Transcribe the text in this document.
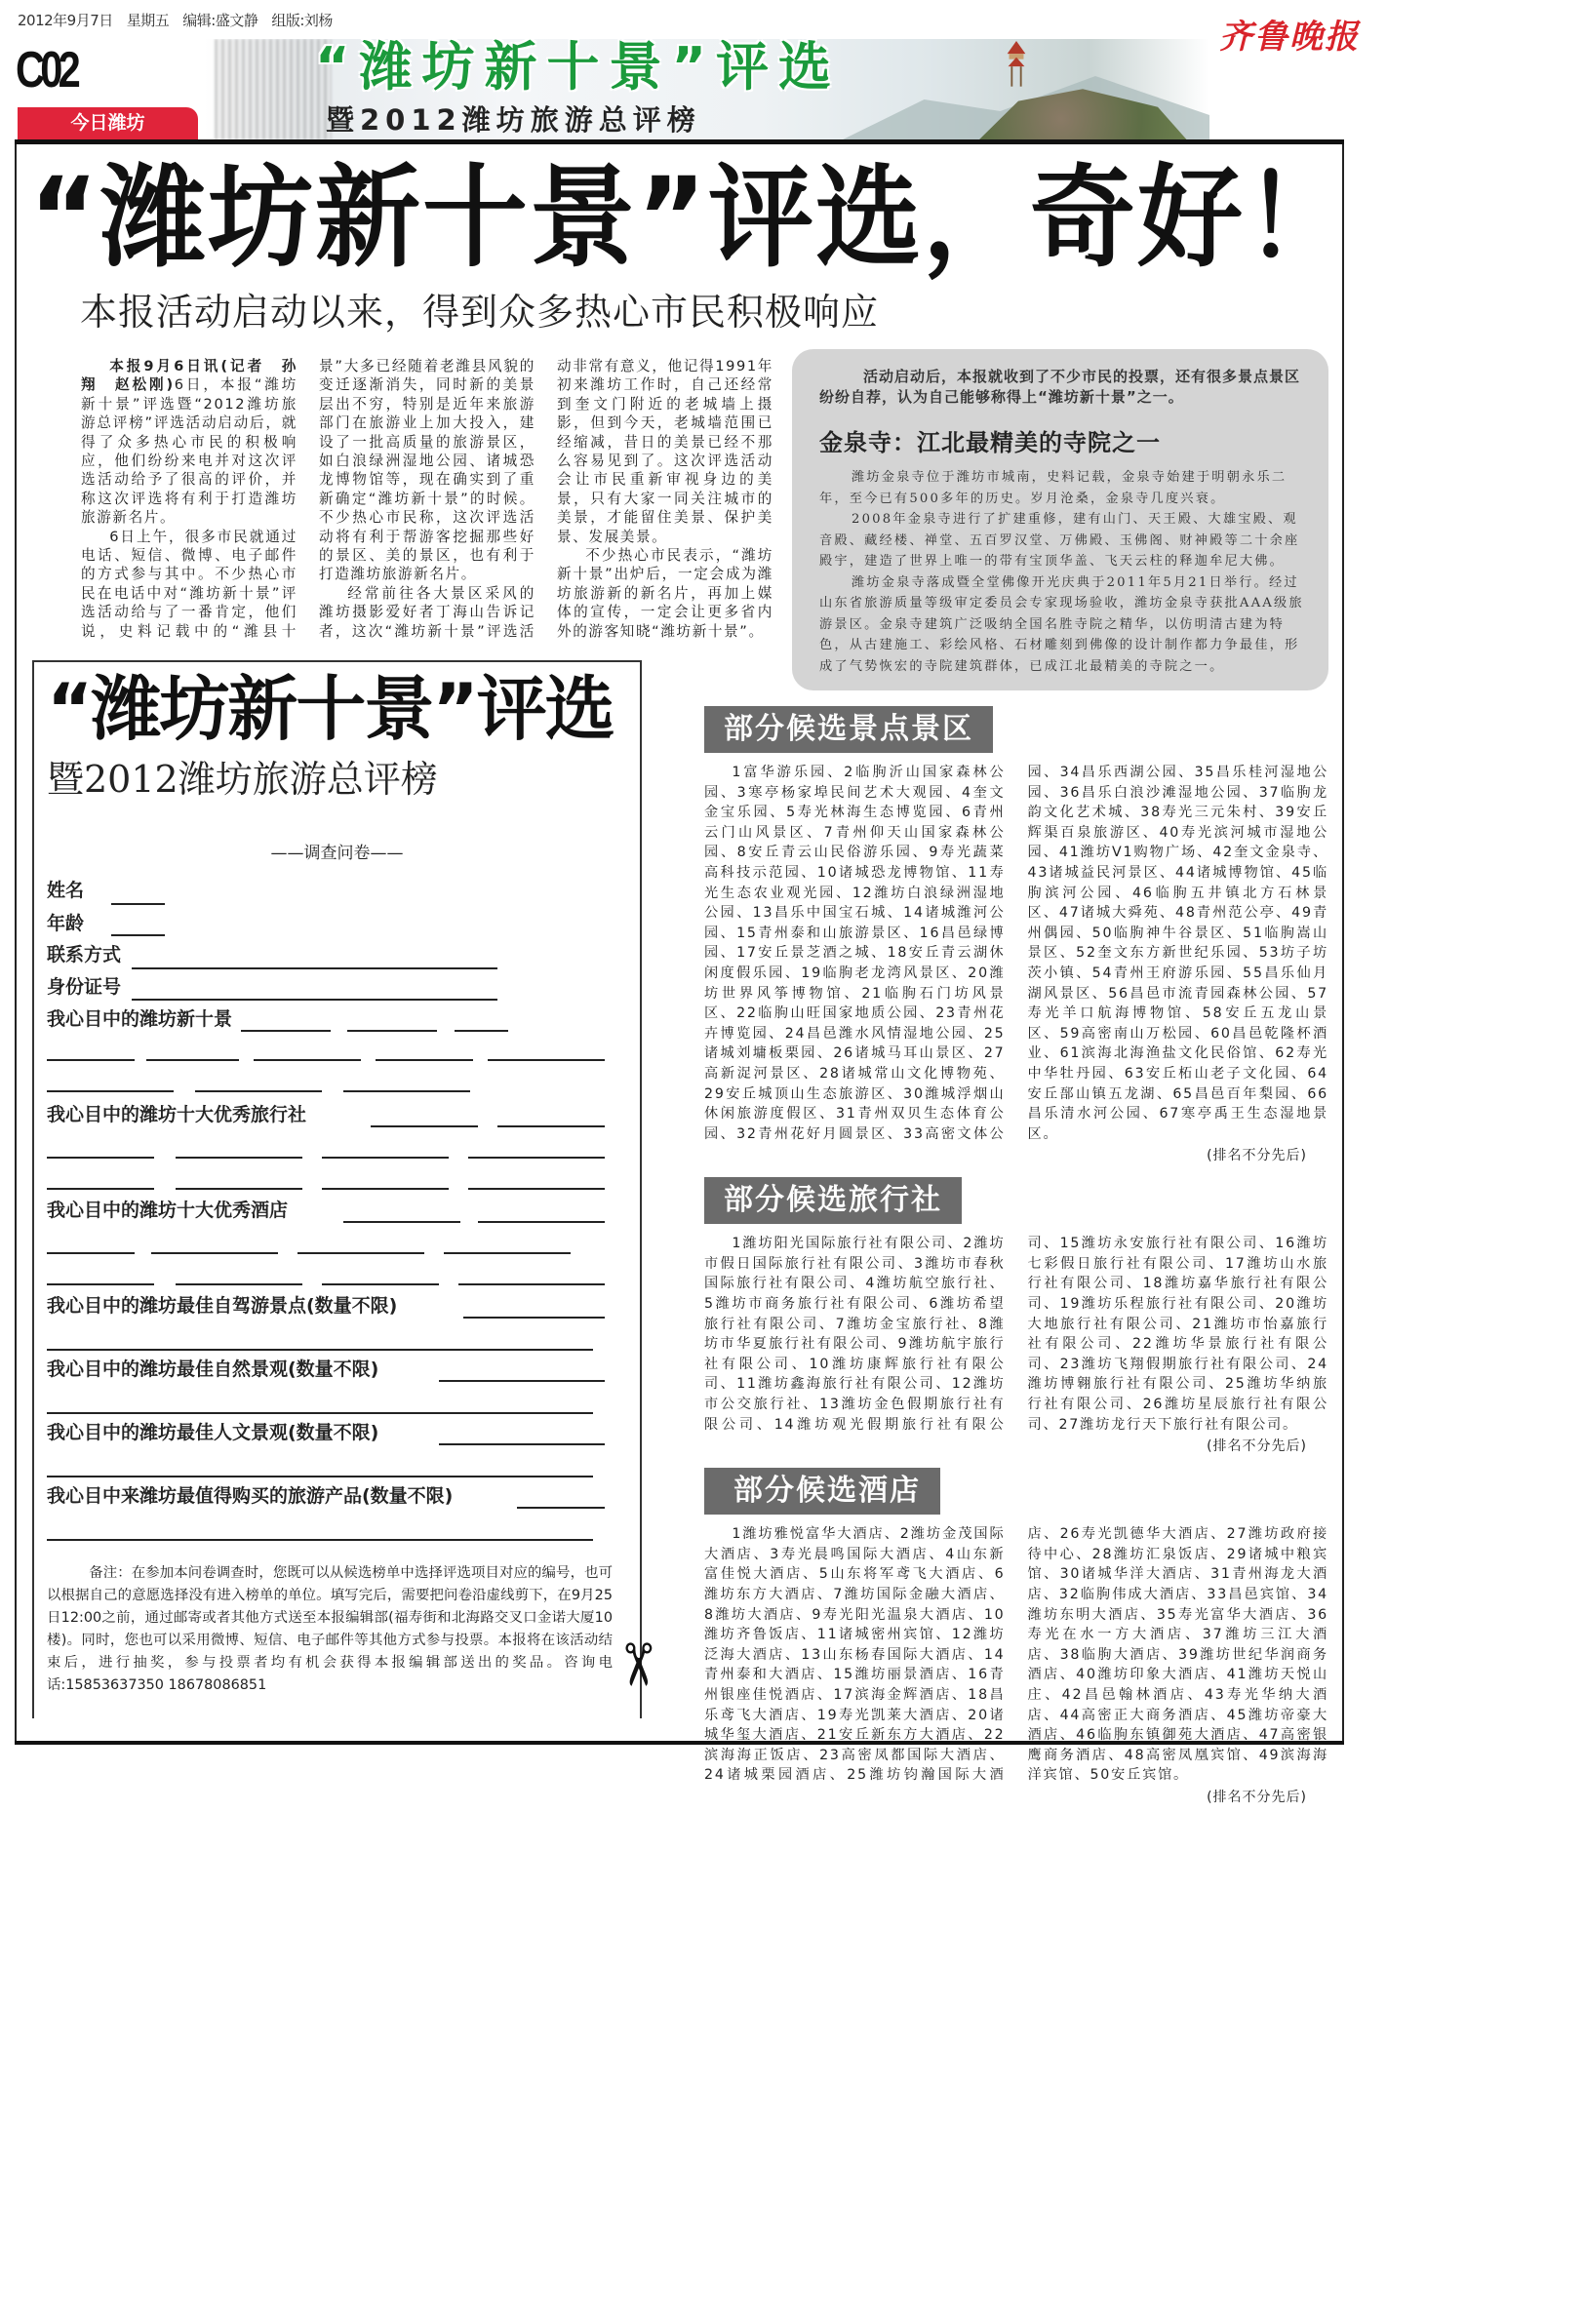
2012年9月7日 星期五 编辑:盛文静 组版:刘杨
C02
今日潍坊
“潍坊新十景”评选
暨2012潍坊旅游总评榜
齐鲁晚报
“潍坊新十景”评选，奇好！
本报活动启动以来，得到众多热心市民积极响应

本报9月6日讯(记者　孙翔　赵松刚)6日，本报“潍坊新十景”评选暨“2012潍坊旅游总评榜”评选活动启动后，就得了众多热心市民的积极响应，他们纷纷来电并对这次评选活动给予了很高的评价，并称这次评选将有利于打造潍坊旅游新名片。

6日上午，很多市民就通过电话、短信、微博、电子邮件的方式参与其中。不少热心市民在电话中对“潍坊新十景”评选活动给与了一番肯定，他们说，史料记载中的“潍县十景”大多已经随着老潍县风貌的变迁逐渐消失，同时新的美景层出不穷，特别是近年来旅游部门在旅游业上加大投入，建设了一批高质量的旅游景区，如白浪绿洲湿地公园、诸城恐龙博物馆等，现在确实到了重新确定“潍坊新十景”的时候。不少热心市民称，这次评选活动将有利于帮游客挖掘那些好的景区、美的景区，也有利于打造潍坊旅游新名片。

经常前往各大景区采风的潍坊摄影爱好者丁海山告诉记者，这次“潍坊新十景”评选活动非常有意义，他记得1991年初来潍坊工作时，自己还经常到奎文门附近的老城墙上摄影，但到今天，老城墙范围已经缩减，昔日的美景已经不那么容易见到了。这次评选活动会让市民重新审视身边的美景，只有大家一同关注城市的美景，才能留住美景、保护美景、发展美景。

不少热心市民表示，“潍坊新十景”出炉后，一定会成为潍坊旅游新的新名片，再加上媒体的宣传，一定会让更多省内外的游客知晓“潍坊新十景”。

活动启动后，本报就收到了不少市民的投票，还有很多景点景区纷纷自荐，认为自己能够称得上“潍坊新十景”之一。
金泉寺：江北最精美的寺院之一

潍坊金泉寺位于潍坊市城南，史料记载，金泉寺始建于明朝永乐二年，至今已有500多年的历史。岁月沧桑，金泉寺几度兴衰。

2008年金泉寺进行了扩建重修，建有山门、天王殿、大雄宝殿、观音殿、藏经楼、禅堂、五百罗汉堂、万佛殿、玉佛阁、财神殿等二十余座殿宇，建造了世界上唯一的带有宝顶华盖、飞天云柱的释迦牟尼大佛。

潍坊金泉寺落成暨全堂佛像开光庆典于2011年5月21日举行。经过山东省旅游质量等级审定委员会专家现场验收，潍坊金泉寺获批AAA级旅游景区。金泉寺建筑广泛吸纳全国名胜寺院之精华，以仿明清古建为特色，从古建施工、彩绘风格、石材雕刻到佛像的设计制作都力争最佳，形成了气势恢宏的寺院建筑群体，已成江北最精美的寺院之一。

“潍坊新十景”评选
暨2012潍坊旅游总评榜
——调查问卷——
姓名
年龄
联系方式
身份证号
我心目中的潍坊新十景
我心目中的潍坊十大优秀旅行社
我心目中的潍坊十大优秀酒店
我心目中的潍坊最佳自驾游景点(数量不限)
我心目中的潍坊最佳自然景观(数量不限)
我心目中的潍坊最佳人文景观(数量不限)
我心目中来潍坊最值得购买的旅游产品(数量不限)
备注：在参加本问卷调查时，您既可以从候选榜单中选择评选项目对应的编号，也可以根据自己的意愿选择没有进入榜单的单位。填写完后，需要把问卷沿虚线剪下，在9月25日12:00之前，通过邮寄或者其他方式送至本报编辑部(福寿街和北海路交叉口金诺大厦10楼)。同时，您也可以采用微博、短信、电子邮件等其他方式参与投票。本报将在该活动结束后，进行抽奖，参与投票者均有机会获得本报编辑部送出的奖品。咨询电话:15853637350 18678086851	✂
部分候选景点景区

1富华游乐园、2临朐沂山国家森林公园、3寒亭杨家埠民间艺术大观园、4奎文金宝乐园、5寿光林海生态博览园、6青州云门山风景区、7青州仰天山国家森林公园、8安丘青云山民俗游乐园、9寿光蔬菜高科技示范园、10诸城恐龙博物馆、11寿光生态农业观光园、12潍坊白浪绿洲湿地公园、13昌乐中国宝石城、14诸城潍河公园、15青州泰和山旅游景区、16昌邑绿博园、17安丘景芝酒之城、18安丘青云湖休闲度假乐园、19临朐老龙湾风景区、20潍坊世界风筝博物馆、21临朐石门坊风景区、22临朐山旺国家地质公园、23青州花卉博览园、24昌邑潍水风情湿地公园、25诸城刘墉板栗园、26诸城马耳山景区、27高新浞河景区、28诸城常山文化博物苑、29安丘城顶山生态旅游区、30潍城浮烟山休闲旅游度假区、31青州双贝生态体育公园、32青州花好月圆景区、33高密文体公园、34昌乐西湖公园、35昌乐桂河湿地公园、36昌乐白浪沙滩湿地公园、37临朐龙韵文化艺术城、38寿光三元朱村、39安丘辉渠百泉旅游区、40寿光滨河城市湿地公园、41潍坊V1购物广场、42奎文金泉寺、43诸城益民河景区、44诸城博物馆、45临朐滨河公园、46临朐五井镇北方石林景区、47诸城大舜苑、48青州范公亭、49青州偶园、50临朐神牛谷景区、51临朐嵩山景区、52奎文东方新世纪乐园、53坊子坊茨小镇、54青州王府游乐园、55昌乐仙月湖风景区、56昌邑市流青园森林公园、57寿光羊口航海博物馆、58安丘五龙山景区、59高密南山万松园、60昌邑乾隆杯酒业、61滨海北海渔盐文化民俗馆、62寿光中华牡丹园、63安丘柘山老子文化园、64安丘郚山镇五龙湖、65昌邑百年梨园、66昌乐清水河公园、67寒亭禹王生态湿地景区。

(排名不分先后)
部分候选旅行社

1潍坊阳光国际旅行社有限公司、2潍坊市假日国际旅行社有限公司、3潍坊市春秋国际旅行社有限公司、4潍坊航空旅行社、5潍坊市商务旅行社有限公司、6潍坊希望旅行社有限公司、7潍坊金宝旅行社、8潍坊市华夏旅行社有限公司、9潍坊航宇旅行社有限公司、10潍坊康辉旅行社有限公司、11潍坊鑫海旅行社有限公司、12潍坊市公交旅行社、13潍坊金色假期旅行社有限公司、14潍坊观光假期旅行社有限公司、15潍坊永安旅行社有限公司、16潍坊七彩假日旅行社有限公司、17潍坊山水旅行社有限公司、18潍坊嘉华旅行社有限公司、19潍坊乐程旅行社有限公司、20潍坊大地旅行社有限公司、21潍坊市怡嘉旅行社有限公司、22潍坊华景旅行社有限公司、23潍坊飞翔假期旅行社有限公司、24潍坊博翱旅行社有限公司、25潍坊华纳旅行社有限公司、26潍坊星辰旅行社有限公司、27潍坊龙行天下旅行社有限公司。

(排名不分先后)
部分候选酒店

1潍坊雅悦富华大酒店、2潍坊金茂国际大酒店、3寿光晨鸣国际大酒店、4山东新富佳悦大酒店、5山东将军鸢飞大酒店、6潍坊东方大酒店、7潍坊国际金融大酒店、8潍坊大酒店、9寿光阳光温泉大酒店、10潍坊齐鲁饭店、11诸城密州宾馆、12潍坊泛海大酒店、13山东杨春国际大酒店、14青州泰和大酒店、15潍坊丽景酒店、16青州银座佳悦酒店、17滨海金辉酒店、18昌乐鸢飞大酒店、19寿光凯莱大酒店、20诸城华玺大酒店、21安丘新东方大酒店、22滨海海正饭店、23高密凤都国际大酒店、24诸城栗园酒店、25潍坊钧瀚国际大酒店、26寿光凯德华大酒店、27潍坊政府接待中心、28潍坊汇泉饭店、29诸城中粮宾馆、30诸城华洋大酒店、31青州海龙大酒店、32临朐伟成大酒店、33昌邑宾馆、34潍坊东明大酒店、35寿光富华大酒店、36寿光在水一方大酒店、37潍坊三江大酒店、38临朐大酒店、39潍坊世纪华润商务酒店、40潍坊印象大酒店、41潍坊天悦山庄、42昌邑翰林酒店、43寿光华纳大酒店、44高密正大商务酒店、45潍坊帝豪大酒店、46临朐东镇御苑大酒店、47高密银鹰商务酒店、48高密凤凰宾馆、49滨海海洋宾馆、50安丘宾馆。

(排名不分先后)
